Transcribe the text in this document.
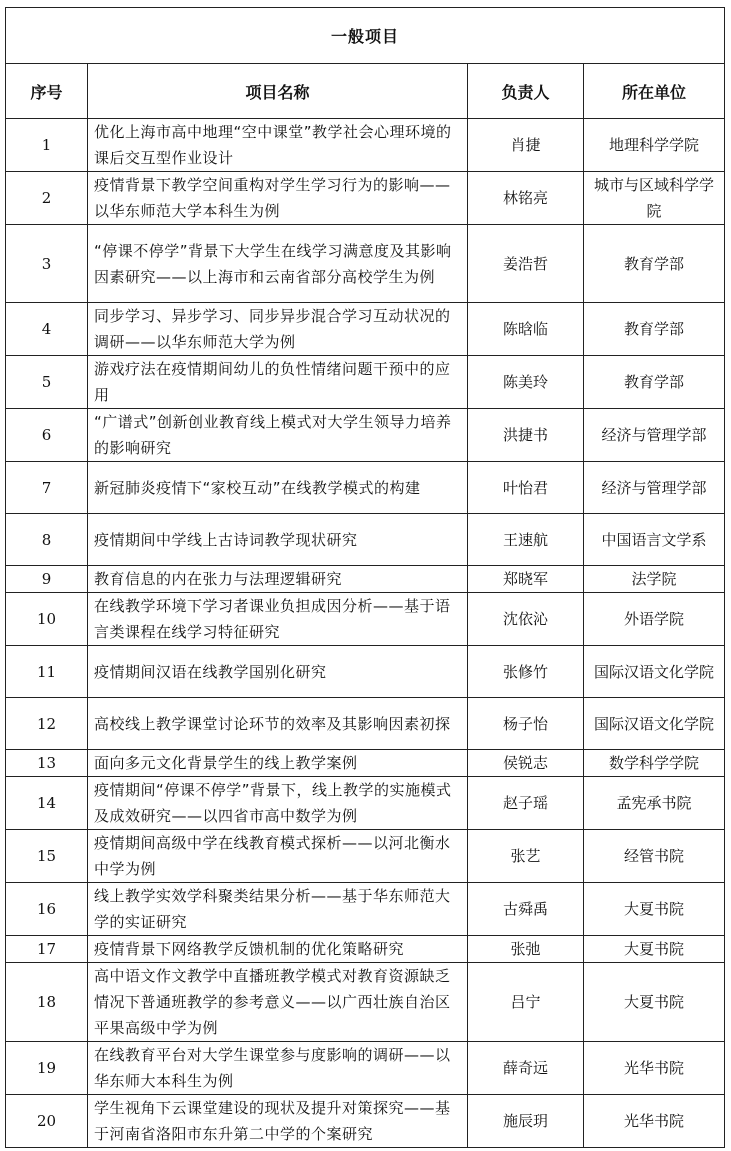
一般项目			
序号	项目名称	负责人	所在单位
1	优化上海市高中地理“空中课堂”教学社会心理环境的课后交互型作业设计	肖捷	地理科学学院
2	疫情背景下教学空间重构对学生学习行为的影响——以华东师范大学本科生为例	林铭亮	城市与区域科学学院
3	“停课不停学”背景下大学生在线学习满意度及其影响因素研究——以上海市和云南省部分高校学生为例	姜浩哲	教育学部
4	同步学习、异步学习、同步异步混合学习互动状况的调研——以华东师范大学为例	陈晗临	教育学部
5	游戏疗法在疫情期间幼儿的负性情绪问题干预中的应用	陈美玲	教育学部
6	“广谱式”创新创业教育线上模式对大学生领导力培养的影响研究	洪捷书	经济与管理学部
7	新冠肺炎疫情下“家校互动”在线教学模式的构建	叶怡君	经济与管理学部
8	疫情期间中学线上古诗词教学现状研究	王速航	中国语言文学系
9	教育信息的内在张力与法理逻辑研究	郑晓军	法学院
10	在线教学环境下学习者课业负担成因分析——基于语言类课程在线学习特征研究	沈依沁	外语学院
11	疫情期间汉语在线教学国别化研究	张修竹	国际汉语文化学院
12	高校线上教学课堂讨论环节的效率及其影响因素初探	杨子怡	国际汉语文化学院
13	面向多元文化背景学生的线上教学案例	侯锐志	数学科学学院
14	疫情期间“停课不停学”背景下，线上教学的实施模式及成效研究——以四省市高中数学为例	赵子瑶	孟宪承书院
15	疫情期间高级中学在线教育模式探析——以河北衡水中学为例	张艺	经管书院
16	线上教学实效学科聚类结果分析——基于华东师范大学的实证研究	古舜禹	大夏书院
17	疫情背景下网络教学反馈机制的优化策略研究	张弛	大夏书院
18	高中语文作文教学中直播班教学模式对教育资源缺乏情况下普通班教学的参考意义——以广西壮族自治区平果高级中学为例	吕宁	大夏书院
19	在线教育平台对大学生课堂参与度影响的调研——以华东师大本科生为例	薛奇远	光华书院
20	学生视角下云课堂建设的现状及提升对策探究——基于河南省洛阳市东升第二中学的个案研究	施辰玥	光华书院
